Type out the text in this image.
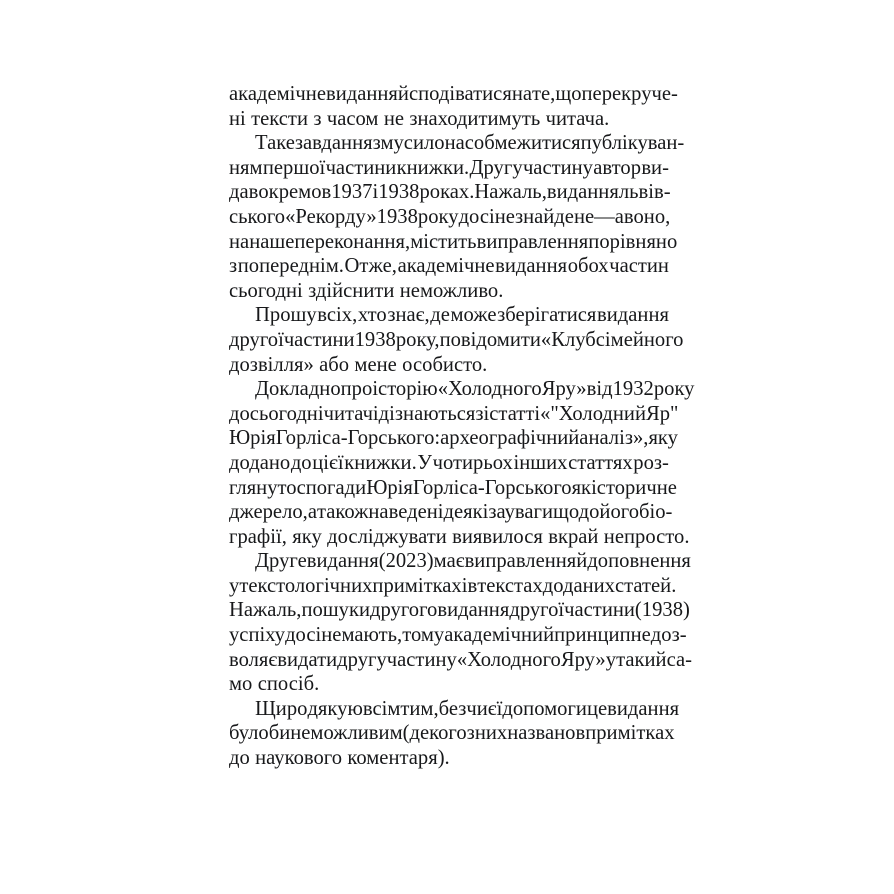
академічне видання й сподіватися на те, що перекруче-
ні тексти з часом не знаходитимуть читача.

Таке завдання змусило нас обмежитися публікуван-
ням першої частини книжки. Другу частину автор ви-
дав окремо в 1937 і 1938 роках. На жаль, видання львів-
ського «Рекорду» 1938 року досі не знайдене — а воно,
на наше переконання, містить виправлення порівняно
з попереднім. Отже, академічне видання обох частин
сьогодні здійснити неможливо.

Прошу всіх, хто знає, де може зберігатися видання
другої частини 1938 року, повідомити «Клуб сімейного
дозвілля» або мене особисто.

Докладно про історію «Холодного Яру» від 1932 року
до сьогодні читачі дізнаються зі статті « "Холодний Яр"
Юрія Горліса-Горського: археографічний аналіз», яку
додано до цієї книжки. У чотирьох інших статтях роз-
глянуто спогади Юрія Горліса-Горського як історичне
джерело, а також наведені деякі зауваги щодо його біо-
графії, яку досліджувати виявилося вкрай непросто.

Друге видання (2023) має виправлення й доповнення
у текстологічних примітках і в текстах доданих статей.
На жаль, пошуки другого видання другої частини (1938)
успіху досі не мають, тому академічний принцип не доз-
воляє видати другу частину «Холодного Яру» у такий са-
мо спосіб.

Щиро дякую всім тим, без чиєї допомоги це видання
було би неможливим (декого з них названо в примітках
до наукового коментаря).
